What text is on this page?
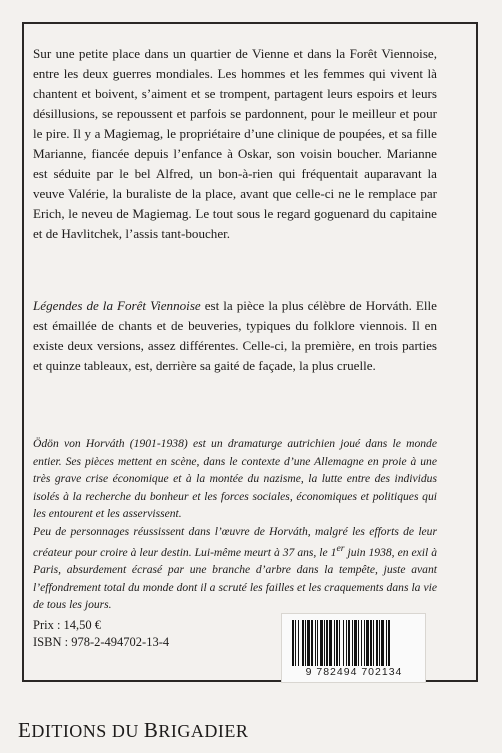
Sur une petite place dans un quartier de Vienne et dans la Forêt Viennoise, entre les deux guerres mondiales. Les hommes et les femmes qui vivent là chantent et boivent, s’aiment et se trompent, partagent leurs espoirs et leurs désillusions, se repoussent et parfois se pardonnent, pour le meilleur et pour le pire. Il y a Magiemag, le propriétaire d’une clinique de poupées, et sa fille Marianne, fiancée depuis l’enfance à Oskar, son voisin boucher. Marianne est séduite par le bel Alfred, un bon-à-rien qui fréquentait auparavant la veuve Valérie, la buraliste de la place, avant que celle-ci ne le remplace par Erich, le neveu de Magiemag. Le tout sous le regard goguenard du capitaine et de Havlitchek, l’assis tant-boucher.

Légendes de la Forêt Viennoise est la pièce la plus célèbre de Horváth. Elle est émaillée de chants et de beuveries, typiques du folklore viennois. Il en existe deux versions, assez différentes. Celle-ci, la première, en trois parties et quinze tableaux, est, derrière sa gaité de façade, la plus cruelle.

Ödön von Horváth (1901-1938) est un dramaturge autrichien joué dans le monde entier. Ses pièces mettent en scène, dans le contexte d’une Allemagne en proie à une très grave crise économique et à la montée du nazisme, la lutte entre des individus isolés à la recherche du bonheur et les forces sociales, économiques et politiques qui les entourent et les asservissent.

Peu de personnages réussissent dans l’œuvre de Horváth, malgré les efforts de leur créateur pour croire à leur destin. Lui-même meurt à 37 ans, le 1er juin 1938, en exil à Paris, absurdement écrasé par une branche d’arbre dans la tempête, juste avant l’effondrement total du monde dont il a scruté les failles et les craquements dans la vie de tous les jours.

Prix : 14,50 €
ISBN : 978-2-494702-13-4
9 782494 702134
EDITIONS DU BRIGADIER
